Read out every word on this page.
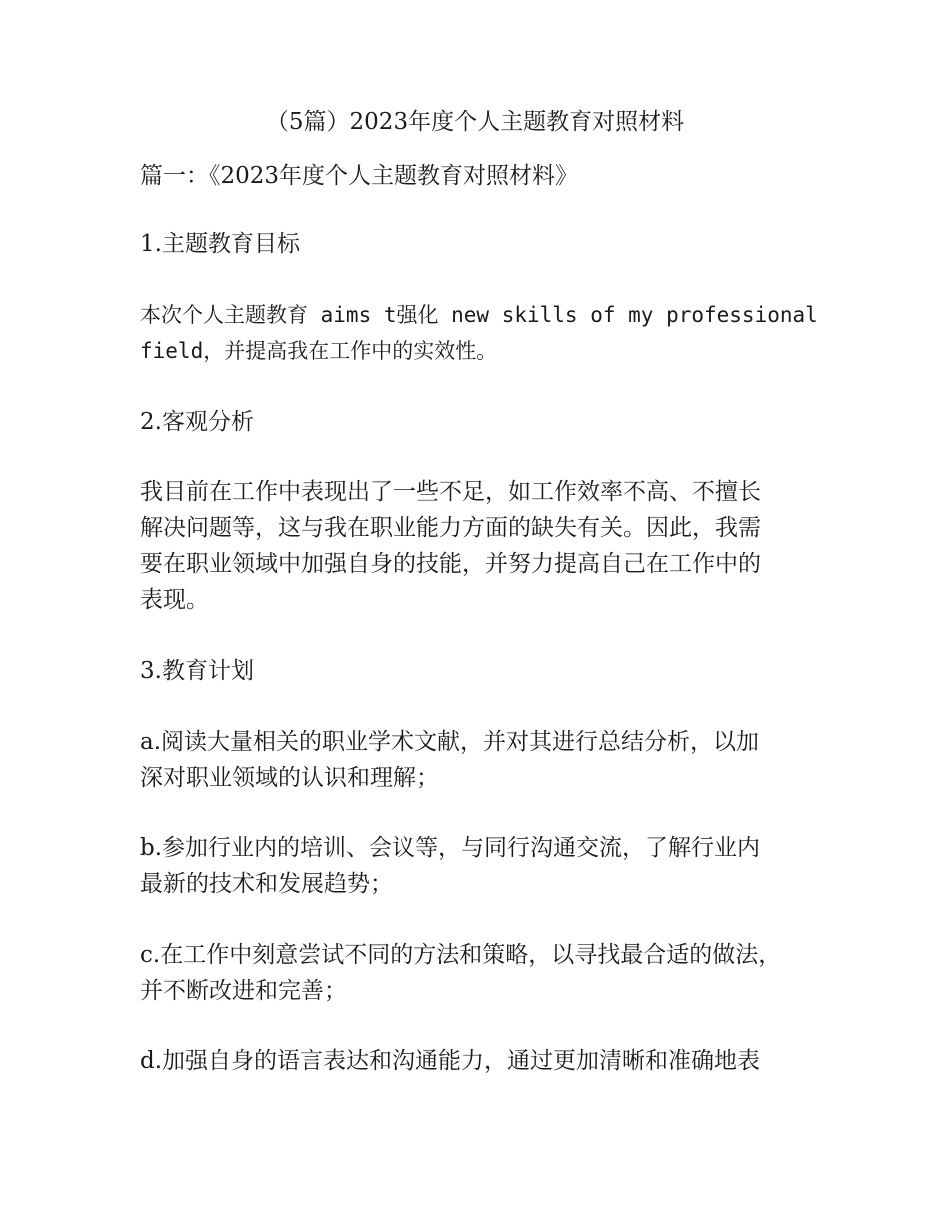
（5篇）2023年度个人主题教育对照材料
篇一：《2023年度个人主题教育对照材料》
1.主题教育目标
本次个人主题教育 aims t强化 new skills of my professional
field，并提高我在工作中的实效性。
2.客观分析
我目前在工作中表现出了一些不足，如工作效率不高、不擅长
解决问题等，这与我在职业能力方面的缺失有关。因此，我需
要在职业领域中加强自身的技能，并努力提高自己在工作中的
表现。
3.教育计划
a.阅读大量相关的职业学术文献，并对其进行总结分析，以加
深对职业领域的认识和理解；
b.参加行业内的培训、会议等，与同行沟通交流，了解行业内
最新的技术和发展趋势；
c.在工作中刻意尝试不同的方法和策略，以寻找最合适的做法，
并不断改进和完善；
d.加强自身的语言表达和沟通能力，通过更加清晰和准确地表
